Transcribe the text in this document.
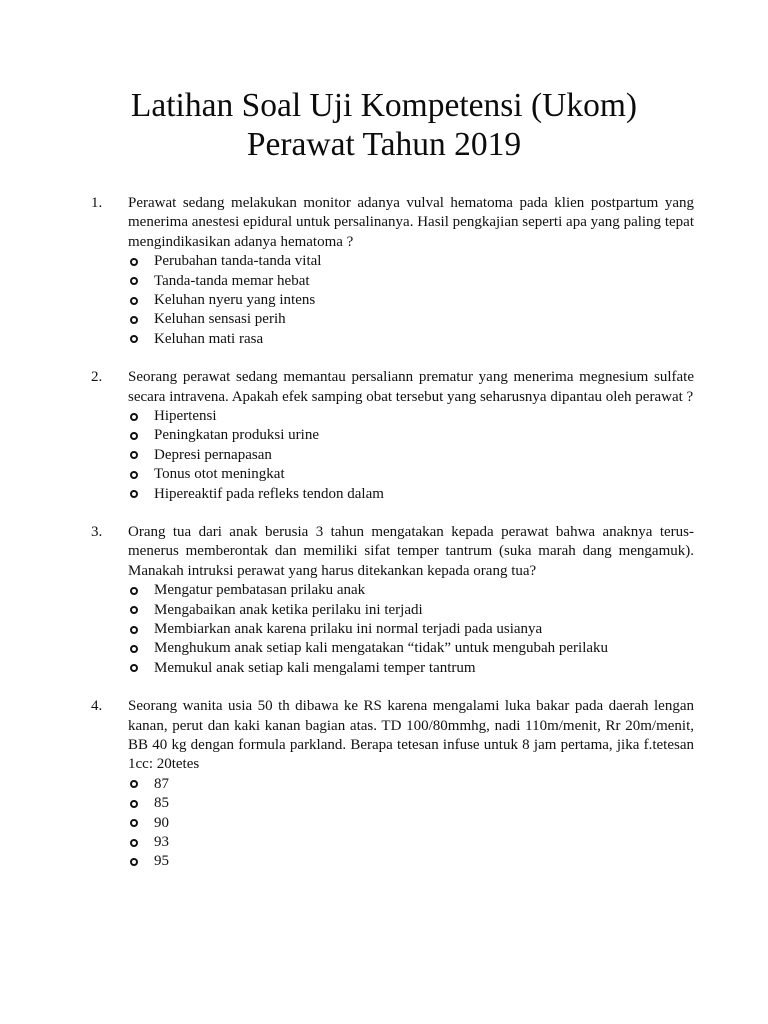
Latihan Soal Uji Kompetensi (Ukom)
Perawat Tahun 2019
1. Perawat sedang melakukan monitor adanya vulval hematoma pada klien postpartum yang menerima anestesi epidural untuk persalinanya. Hasil pengkajian seperti apa yang paling tepat mengindikasikan adanya hematoma ?
Perubahan tanda-tanda vital
Tanda-tanda memar hebat
Keluhan nyeru yang intens
Keluhan sensasi perih
Keluhan mati rasa
2. Seorang perawat sedang memantau persaliann prematur yang menerima megnesium sulfate secara intravena. Apakah efek samping obat tersebut yang seharusnya dipantau oleh perawat ?
Hipertensi
Peningkatan produksi urine
Depresi pernapasan
Tonus otot meningkat
Hipereaktif pada refleks tendon dalam
3. Orang tua dari anak berusia 3 tahun mengatakan kepada perawat bahwa anaknya terus-menerus memberontak dan memiliki sifat temper tantrum (suka marah dang mengamuk). Manakah intruksi perawat yang harus ditekankan kepada orang tua?
Mengatur pembatasan prilaku anak
Mengabaikan anak ketika perilaku ini terjadi
Membiarkan anak karena prilaku ini normal terjadi pada usianya
Menghukum anak setiap kali mengatakan “tidak” untuk mengubah perilaku
Memukul anak setiap kali mengalami temper tantrum
4. Seorang wanita usia 50 th dibawa ke RS karena mengalami luka bakar pada daerah lengan kanan, perut dan kaki kanan bagian atas. TD 100/80mmhg, nadi 110m/menit, Rr 20m/menit, BB 40 kg dengan formula parkland. Berapa tetesan infuse untuk 8 jam pertama, jika f.tetesan 1cc: 20tetes
87
85
90
93
95
